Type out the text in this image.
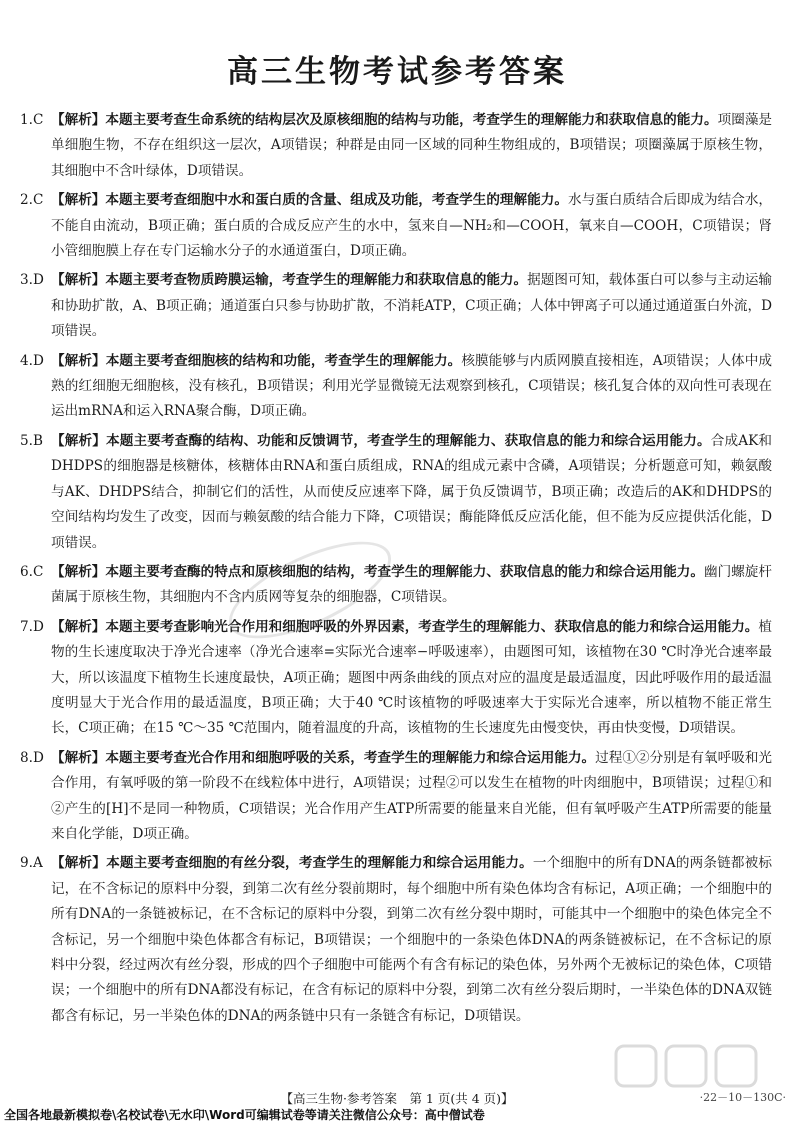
高三生物考试参考答案
1.C 【解析】本题主要考查生命系统的结构层次及原核细胞的结构与功能，考查学生的理解能力和获取信息的能力。项圈藻是单细胞生物，不存在组织这一层次，A项错误；种群是由同一区域的同种生物组成的，B项错误；项圈藻属于原核生物，其细胞中不含叶绿体，D项错误。
2.C 【解析】本题主要考查细胞中水和蛋白质的含量、组成及功能，考查学生的理解能力。水与蛋白质结合后即成为结合水，不能自由流动，B项正确；蛋白质的合成反应产生的水中，氢来自—NH₂和—COOH，氧来自—COOH，C项错误；肾小管细胞膜上存在专门运输水分子的水通道蛋白，D项正确。
3.D 【解析】本题主要考查物质跨膜运输，考查学生的理解能力和获取信息的能力。据题图可知，载体蛋白可以参与主动运输和协助扩散，A、B项正确；通道蛋白只参与协助扩散，不消耗ATP，C项正确；人体中钾离子可以通过通道蛋白外流，D项错误。
4.D 【解析】本题主要考查细胞核的结构和功能，考查学生的理解能力。核膜能够与内质网膜直接相连，A项错误；人体中成熟的红细胞无细胞核，没有核孔，B项错误；利用光学显微镜无法观察到核孔，C项错误；核孔复合体的双向性可表现在运出mRNA和运入RNA聚合酶，D项正确。
5.B 【解析】本题主要考查酶的结构、功能和反馈调节，考查学生的理解能力、获取信息的能力和综合运用能力。合成AK和DHDPS的细胞器是核糖体，核糖体由RNA和蛋白质组成，RNA的组成元素中含磷，A项错误；分析题意可知，赖氨酸与AK、DHDPS结合，抑制它们的活性，从而使反应速率下降，属于负反馈调节，B项正确；改造后的AK和DHDPS的空间结构均发生了改变，因而与赖氨酸的结合能力下降，C项错误；酶能降低反应活化能，但不能为反应提供活化能，D项错误。
6.C 【解析】本题主要考查酶的特点和原核细胞的结构，考查学生的理解能力、获取信息的能力和综合运用能力。幽门螺旋杆菌属于原核生物，其细胞内不含内质网等复杂的细胞器，C项错误。
7.D 【解析】本题主要考查影响光合作用和细胞呼吸的外界因素，考查学生的理解能力、获取信息的能力和综合运用能力。植物的生长速度取决于净光合速率（净光合速率=实际光合速率−呼吸速率），由题图可知，该植物在30 ℃时净光合速率最大，所以该温度下植物生长速度最快，A项正确；题图中两条曲线的顶点对应的温度是最适温度，因此呼吸作用的最适温度明显大于光合作用的最适温度，B项正确；大于40 ℃时该植物的呼吸速率大于实际光合速率，所以植物不能正常生长，C项正确；在15 ℃～35 ℃范围内，随着温度的升高，该植物的生长速度先由慢变快，再由快变慢，D项错误。
8.D 【解析】本题主要考查光合作用和细胞呼吸的关系，考查学生的理解能力和综合运用能力。过程①②分别是有氧呼吸和光合作用，有氧呼吸的第一阶段不在线粒体中进行，A项错误；过程②可以发生在植物的叶肉细胞中，B项错误；过程①和②产生的[H]不是同一种物质，C项错误；光合作用产生ATP所需要的能量来自光能，但有氧呼吸产生ATP所需要的能量来自化学能，D项正确。
9.A 【解析】本题主要考查细胞的有丝分裂，考查学生的理解能力和综合运用能力。一个细胞中的所有DNA的两条链都被标记，在不含标记的原料中分裂，到第二次有丝分裂前期时，每个细胞中所有染色体均含有标记，A项正确；一个细胞中的所有DNA的一条链被标记，在不含标记的原料中分裂，到第二次有丝分裂中期时，可能其中一个细胞中的染色体完全不含标记，另一个细胞中染色体都含有标记，B项错误；一个细胞中的一条染色体DNA的两条链被标记，在不含标记的原料中分裂，经过两次有丝分裂，形成的四个子细胞中可能两个有含有标记的染色体，另外两个无被标记的染色体，C项错误；一个细胞中的所有DNA都没有标记，在含有标记的原料中分裂，到第二次有丝分裂后期时，一半染色体的DNA双链都含有标记，另一半染色体的DNA的两条链中只有一条链含有标记，D项错误。
【高三生物·参考答案　第 1 页(共 4 页)】	·22－10－130C·
全国各地最新模拟卷\名校试卷\无水印\Word可编辑试卷等请关注微信公众号：高中僧试卷
